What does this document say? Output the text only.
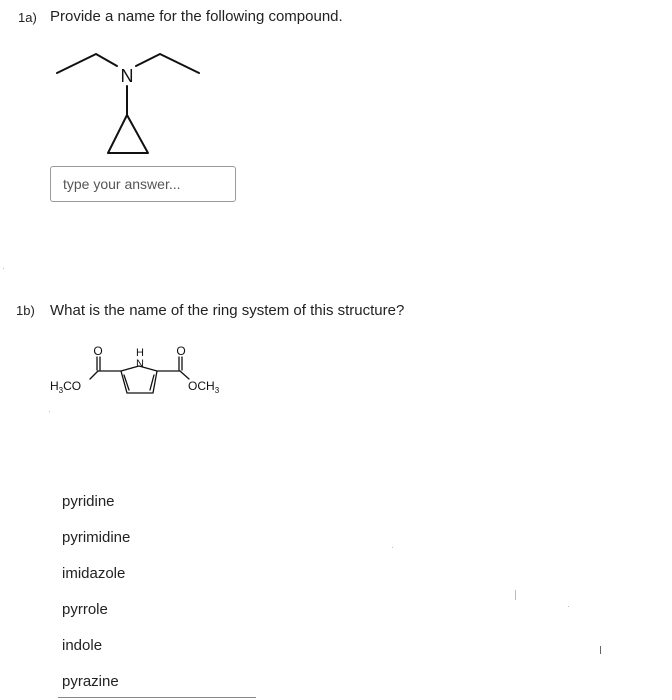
1a) Provide a name for the following compound.
N
type your answer...
1b) What is the name of the ring system of this structure?
O	O
H
N
$H_3CO$	$OCH_3$
pyridine
pyrimidine
imidazole
pyrrole
indole
pyrazine
